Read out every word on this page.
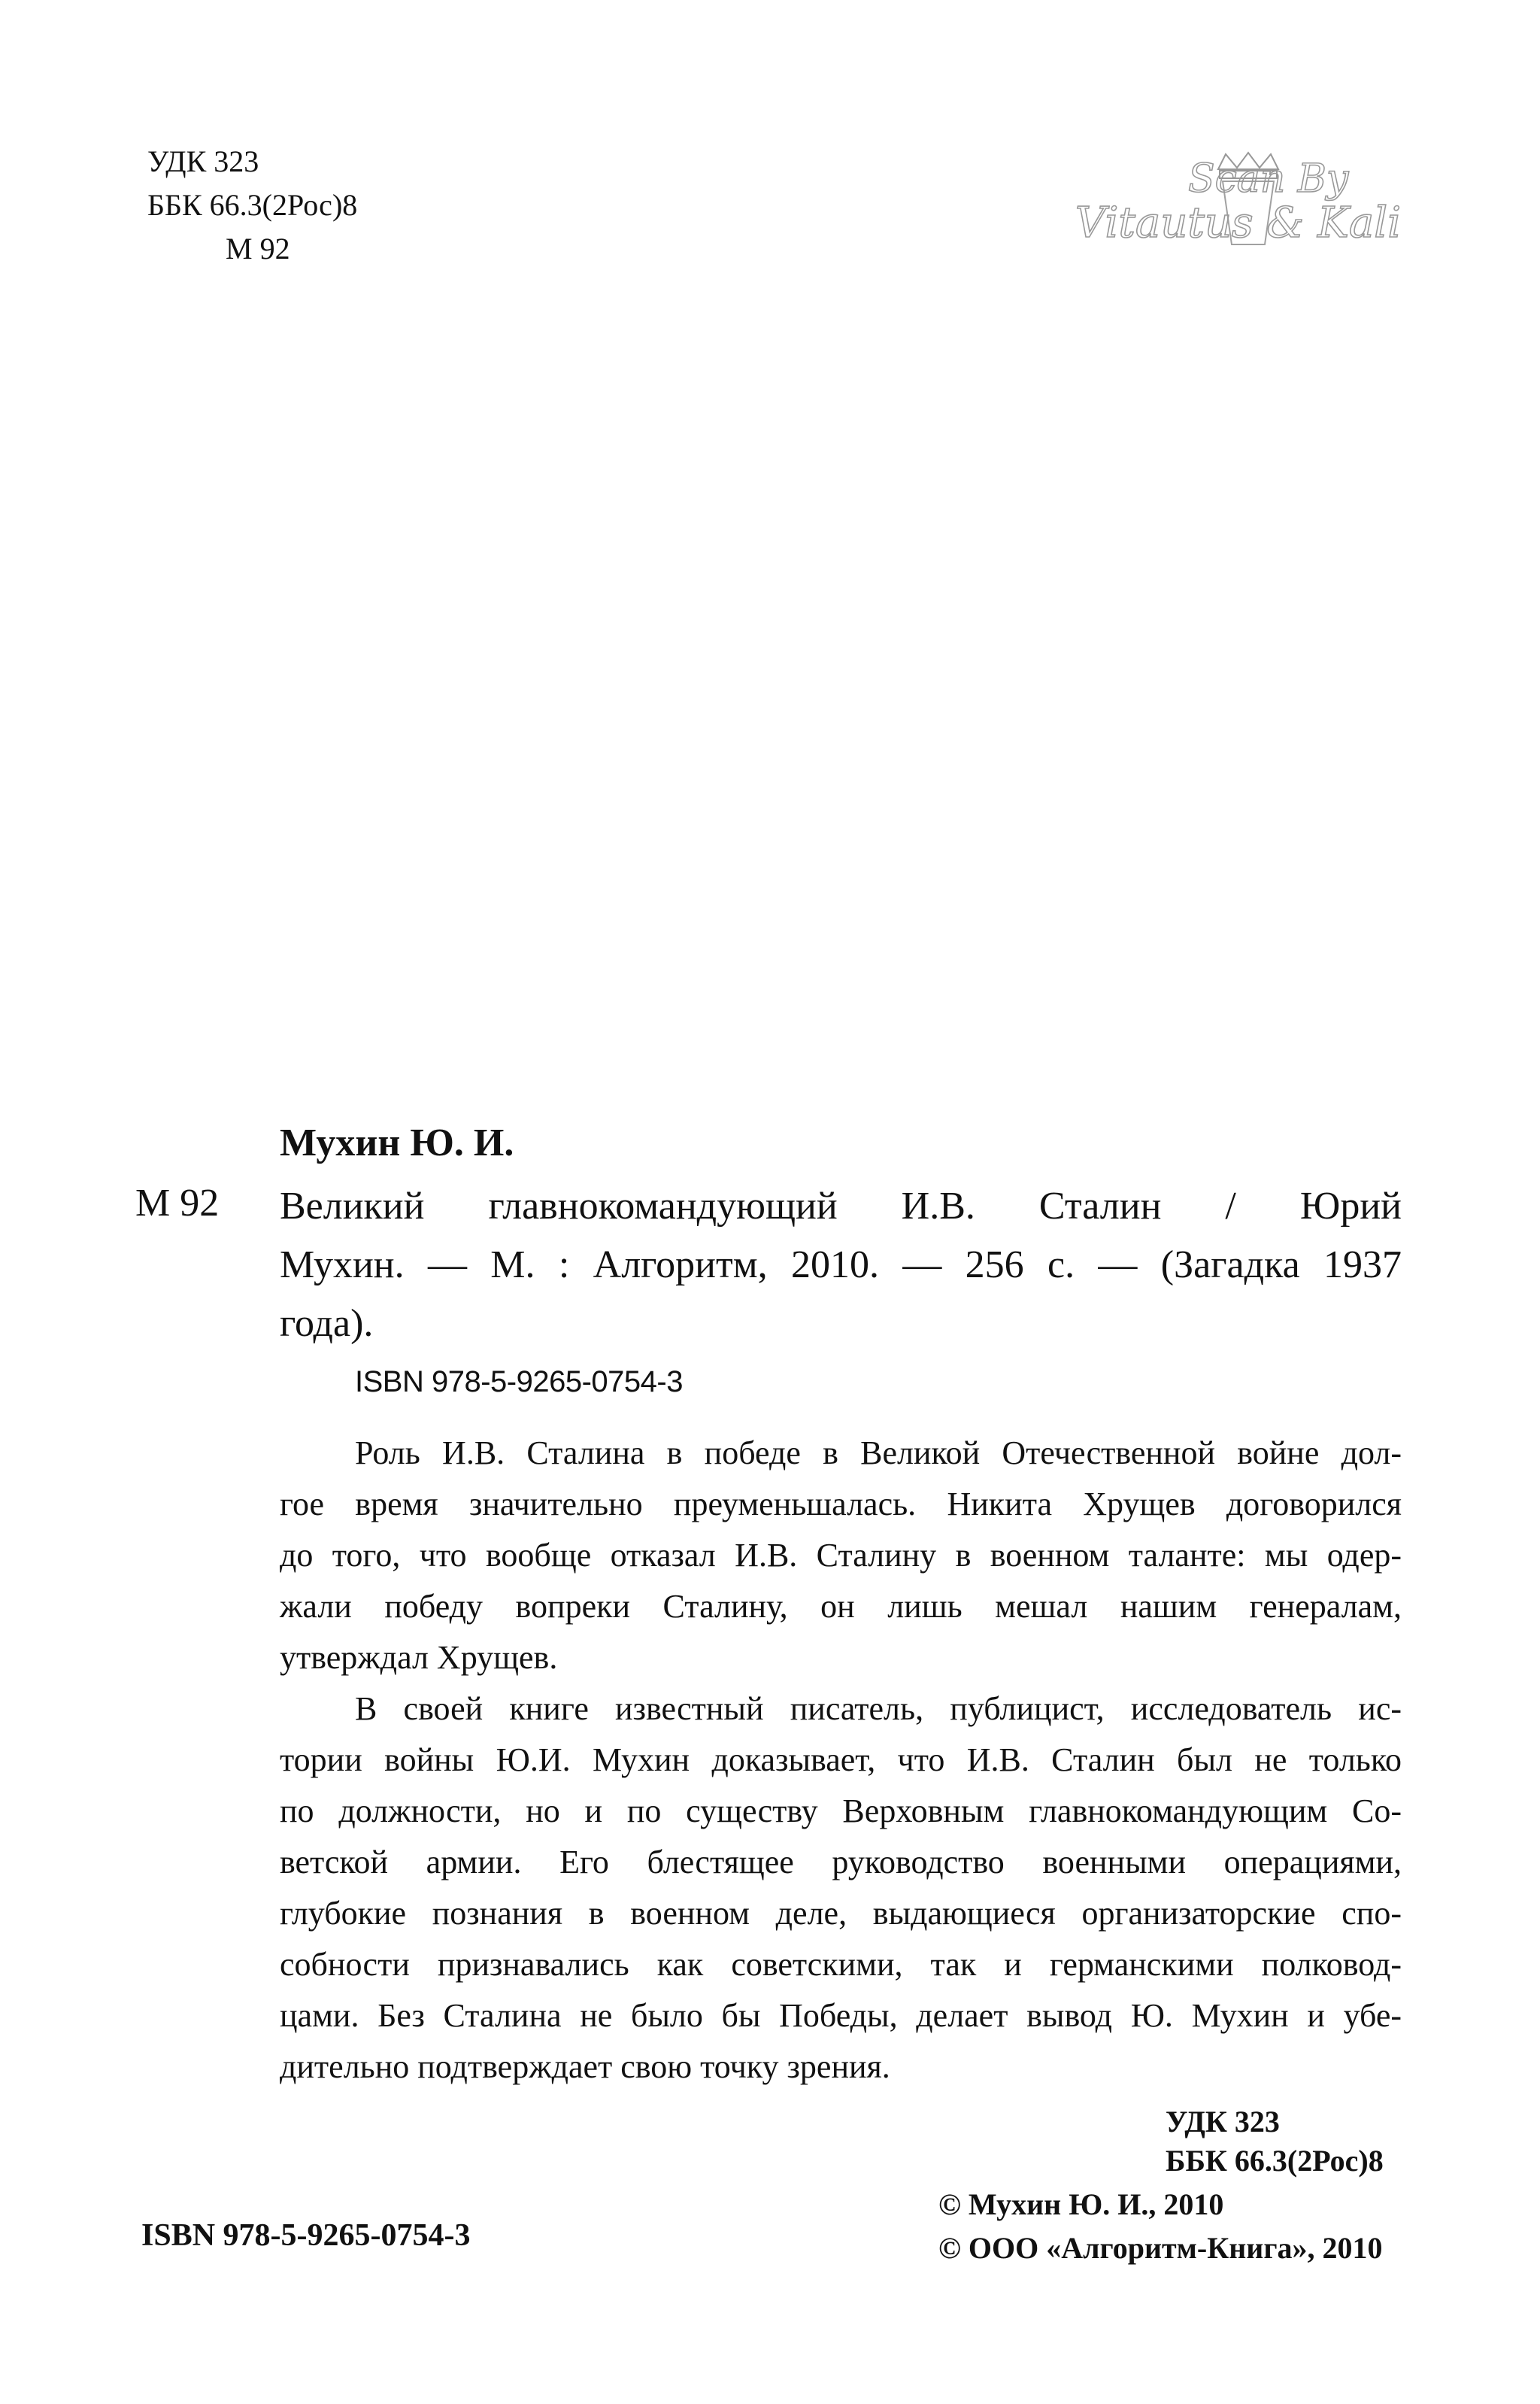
УДК 323
ББК 66.3(2Рос)8
М 92
Scan By
Vitautus & Kali
Мухин Ю. И.
М 92 Великий главнокомандующий И.В. Сталин / Юрий
Мухин. — М. : Алгоритм, 2010. — 256 с. — (Загадка 1937
года).
ISBN 978-5-9265-0754-3
Роль И.В. Сталина в победе в Великой Отечественной войне дол-
гое время значительно преуменьшалась. Никита Хрущев договорился
до того, что вообще отказал И.В. Сталину в военном таланте: мы одер-
жали победу вопреки Сталину, он лишь мешал нашим генералам,
утверждал Хрущев.
В своей книге известный писатель, публицист, исследователь ис-
тории войны Ю.И. Мухин доказывает, что И.В. Сталин был не только
по должности, но и по существу Верховным главнокомандующим Со-
ветской армии. Его блестящее руководство военными операциями,
глубокие познания в военном деле, выдающиеся организаторские спо-
собности признавались как советскими, так и германскими полковод-
цами. Без Сталина не было бы Победы, делает вывод Ю. Мухин и убе-
дительно подтверждает свою точку зрения.
УДК 323
ББК 66.3(2Рос)8
ISBN 978-5-9265-0754-3
© Мухин Ю. И., 2010
© ООО «Алгоритм-Книга», 2010
